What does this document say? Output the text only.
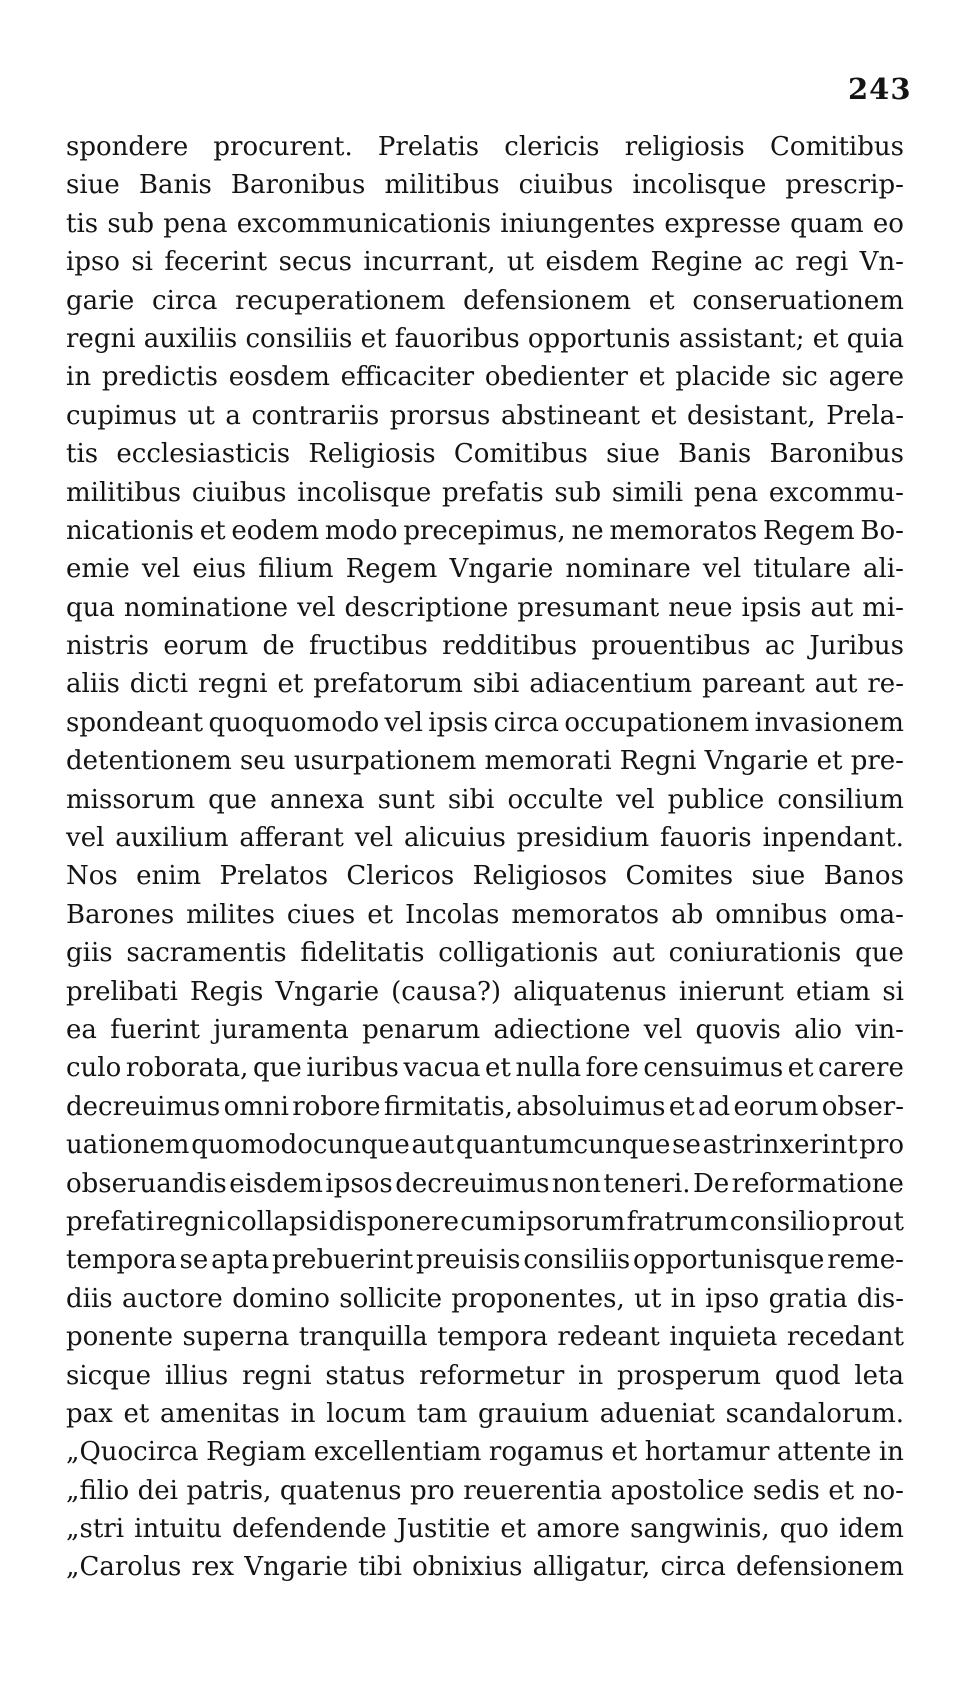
243
spondere procurent. Prelatis clericis religiosis Comitibus
siue Banis Baronibus militibus ciuibus incolisque prescrip-
tis sub pena excommunicationis iniungentes expresse quam eo
ipso si fecerint secus incurrant, ut eisdem Regine ac regi Vn-
garie circa recuperationem defensionem et conseruationem
regni auxiliis consiliis et fauoribus opportunis assistant; et quia
in predictis eosdem efficaciter obedienter et placide sic agere
cupimus ut a contrariis prorsus abstineant et desistant, Prela-
tis ecclesiasticis Religiosis Comitibus siue Banis Baronibus
militibus ciuibus incolisque prefatis sub simili pena excommu-
nicationis et eodem modo precepimus, ne memoratos Regem Bo-
emie vel eius filium Regem Vngarie nominare vel titulare ali-
qua nominatione vel descriptione presumant neue ipsis aut mi-
nistris eorum de fructibus redditibus prouentibus ac Juribus
aliis dicti regni et prefatorum sibi adiacentium pareant aut re-
spondeant quoquomodo vel ipsis circa occupationem invasionem
detentionem seu usurpationem memorati Regni Vngarie et pre-
missorum que annexa sunt sibi occulte vel publice consilium
vel auxilium afferant vel alicuius presidium fauoris inpendant.
Nos enim Prelatos Clericos Religiosos Comites siue Banos
Barones milites ciues et Incolas memoratos ab omnibus oma-
giis sacramentis fidelitatis colligationis aut coniurationis que
prelibati Regis Vngarie (causa?) aliquatenus inierunt etiam si
ea fuerint juramenta penarum adiectione vel quovis alio vin-
culo roborata, que iuribus vacua et nulla fore censuimus et carere
decreuimus omni robore firmitatis, absoluimus et ad eorum obser-
uationem quomodocunque aut quantumcunque se astrinxerint pro
obseruandis eisdem ipsos decreuimus non teneri. De reformatione
prefati regni collapsi disponere cum ipsorum fratrum consilio prout
tempora se apta prebuerint preuisis consiliis opportunisque reme-
diis auctore domino sollicite proponentes, ut in ipso gratia dis-
ponente superna tranquilla tempora redeant inquieta recedant
sicque illius regni status reformetur in prosperum quod leta
pax et amenitas in locum tam grauium adueniat scandalorum.
„Quocirca Regiam excellentiam rogamus et hortamur attente in
„filio dei patris, quatenus pro reuerentia apostolice sedis et no-
„stri intuitu defendende Justitie et amore sangwinis, quo idem
„Carolus rex Vngarie tibi obnixius alligatur, circa defensionem
